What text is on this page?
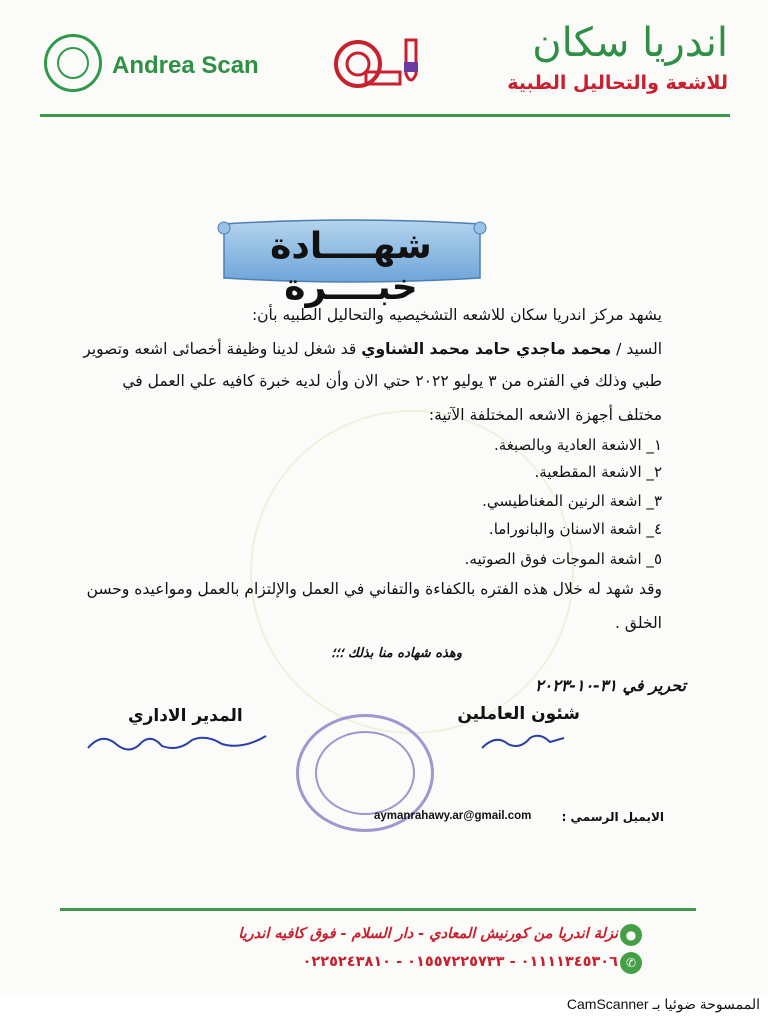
Andrea Scan	اندريا سكان
للاشعة والتحاليل الطبية
شهــــادة خبــــرة
يشهد مركز اندريا سكان للاشعه التشخيصيه والتحاليل الطبيه بأن:
السيد / محمد ماجدي حامد محمد الشناوي قد شغل لدينا وظيفة أخصائى اشعه وتصوير
طبي وذلك في الفتره من ٣ يوليو ٢٠٢٢ حتي الان وأن لديه خبرة كافيه علي العمل في
مختلف أجهزة الاشعه المختلفة الآتية:
١_ الاشعة العادية وبالصبغة.
٢_ الاشعة المقطعية.
٣_ اشعة الرنين المغناطيسي.
٤_ اشعة الاسنان والبانوراما.
٥_ اشعة الموجات فوق الصوتيه.
وقد شهد له خلال هذه الفتره بالكفاءة والتفاني في العمل والإلتزام بالعمل ومواعيده وحسن
الخلق .
وهذه شهاده منا بذلك ؛؛؛
تحرير في ٣١-١٠-٢٠٢٣
المدير الاداري	شئون العاملين
aymanrahawy.ar@gmail.com	الايميل الرسمي :
نزلة اندريا من كورنيش المعادي - دار السلام - فوق كافيه اندريا
٠١١١١٣٤٥٣٠٦ - ٠١٥٥٧٢٢٥٧٣٣ - ٠٢٢٥٢٤٣٨١٠
●
✆
الممسوحة ضوئيا بـ CamScanner
